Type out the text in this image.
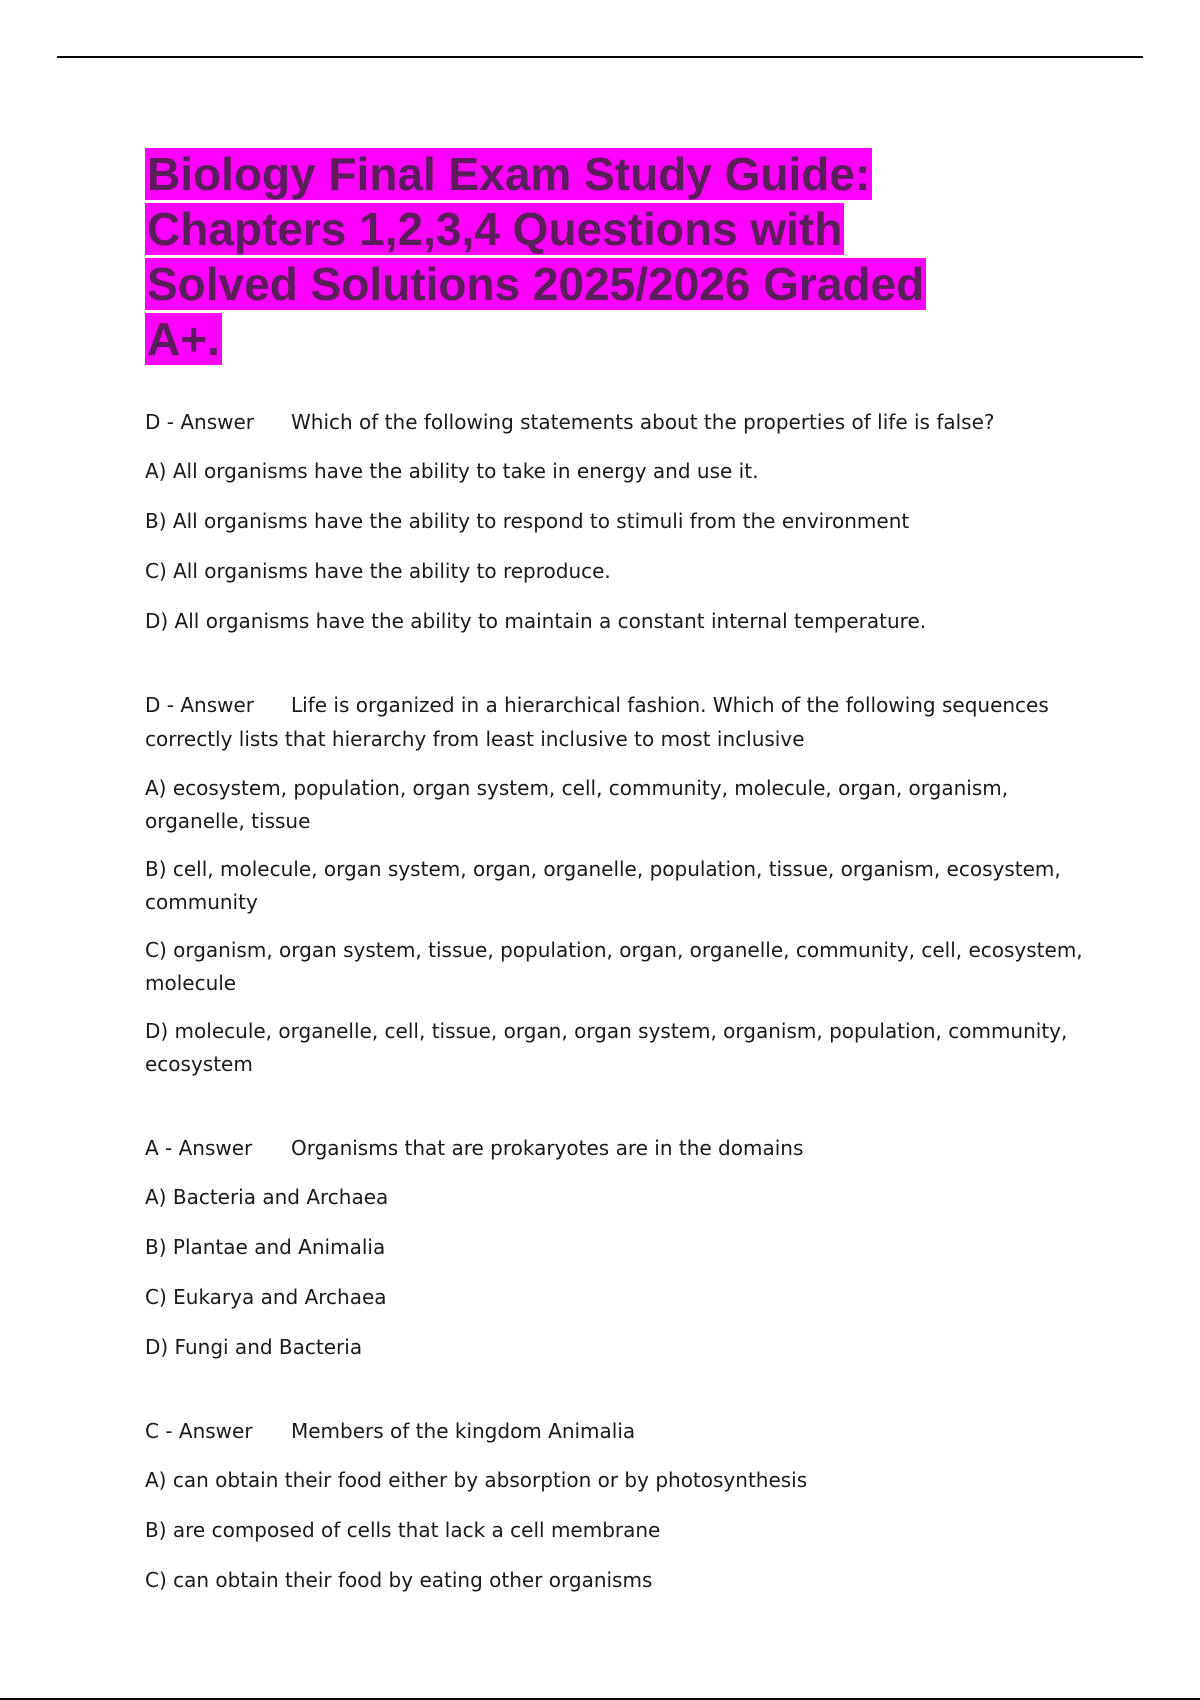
Biology Final Exam Study Guide: Chapters 1,2,3,4 Questions with Solved Solutions 2025/2026 Graded A+.

D - Answer Which of the following statements about the properties of life is false?

A) All organisms have the ability to take in energy and use it.

B) All organisms have the ability to respond to stimuli from the environment

C) All organisms have the ability to reproduce.

D) All organisms have the ability to maintain a constant internal temperature.

D - Answer Life is organized in a hierarchical fashion. Which of the following sequences correctly lists that hierarchy from least inclusive to most inclusive

A) ecosystem, population, organ system, cell, community, molecule, organ, organism, organelle, tissue

B) cell, molecule, organ system, organ, organelle, population, tissue, organism, ecosystem, community

C) organism, organ system, tissue, population, organ, organelle, community, cell, ecosystem, molecule

D) molecule, organelle, cell, tissue, organ, organ system, organism, population, community, ecosystem

A - Answer Organisms that are prokaryotes are in the domains

A) Bacteria and Archaea

B) Plantae and Animalia

C) Eukarya and Archaea

D) Fungi and Bacteria

C - Answer Members of the kingdom Animalia

A) can obtain their food either by absorption or by photosynthesis

B) are composed of cells that lack a cell membrane

C) can obtain their food by eating other organisms
